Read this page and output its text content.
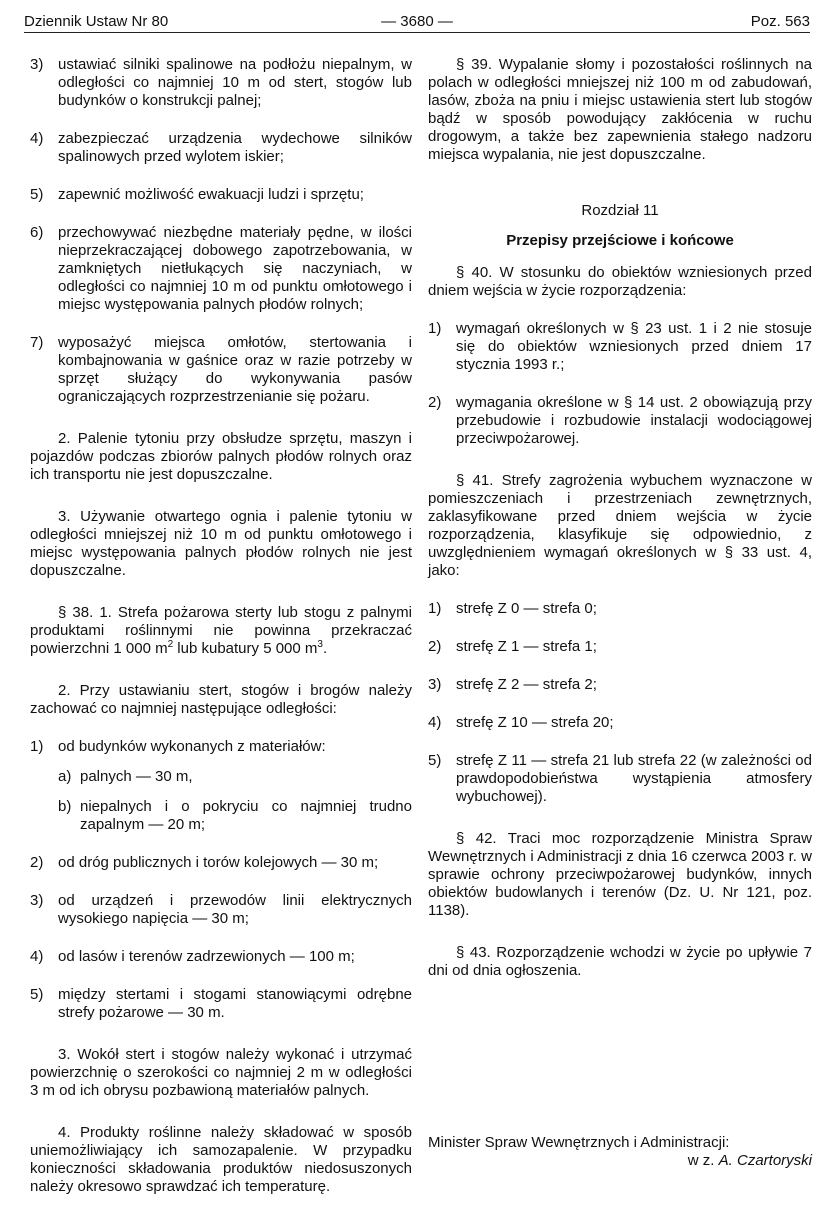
Dziennik Ustaw Nr 80	— 3680 —	Poz. 563
3) ustawiać silniki spalinowe na podłożu niepalnym, w odległości co najmniej 10 m od stert, stogów lub budynków o konstrukcji palnej;
4) zabezpieczać urządzenia wydechowe silników spalinowych przed wylotem iskier;
5) zapewnić możliwość ewakuacji ludzi i sprzętu;
6) przechowywać niezbędne materiały pędne, w ilości nieprzekraczającej dobowego zapotrzebowania, w zamkniętych nietłukących się naczyniach, w odległości co najmniej 10 m od punktu omłotowego i miejsc występowania palnych płodów rolnych;
7) wyposażyć miejsca omłotów, stertowania i kombajnowania w gaśnice oraz w razie potrzeby w sprzęt służący do wykonywania pasów ograniczających rozprzestrzenianie się pożaru.

2. Palenie tytoniu przy obsłudze sprzętu, maszyn i pojazdów podczas zbiorów palnych płodów rolnych oraz ich transportu nie jest dopuszczalne.

3. Używanie otwartego ognia i palenie tytoniu w odległości mniejszej niż 10 m od punktu omłotowego i miejsc występowania palnych płodów rolnych nie jest dopuszczalne.

§ 38. 1. Strefa pożarowa sterty lub stogu z palnymi produktami roślinnymi nie powinna przekraczać powierzchni 1 000 $m^2$ lub kubatury 5 000 $m^3$.

2. Przy ustawianiu stert, stogów i brogów należy zachować co najmniej następujące odległości:

1) od budynków wykonanych z materiałów:
a) palnych — 30 m,
b) niepalnych i o pokryciu co najmniej trudno zapalnym — 20 m;
2) od dróg publicznych i torów kolejowych — 30 m;
3) od urządzeń i przewodów linii elektrycznych wysokiego napięcia — 30 m;
4) od lasów i terenów zadrzewionych — 100 m;
5) między stertami i stogami stanowiącymi odrębne strefy pożarowe — 30 m.

3. Wokół stert i stogów należy wykonać i utrzymać powierzchnię o szerokości co najmniej 2 m w odległości 3 m od ich obrysu pozbawioną materiałów palnych.

4. Produkty roślinne należy składować w sposób uniemożliwiający ich samozapalenie. W przypadku konieczności składowania produktów niedosuszonych należy okresowo sprawdzać ich temperaturę.

§ 39. Wypalanie słomy i pozostałości roślinnych na polach w odległości mniejszej niż 100 m od zabudowań, lasów, zboża na pniu i miejsc ustawienia stert lub stogów bądź w sposób powodujący zakłócenia w ruchu drogowym, a także bez zapewnienia stałego nadzoru miejsca wypalania, nie jest dopuszczalne.

Rozdział 11

Przepisy przejściowe i końcowe

§ 40. W stosunku do obiektów wzniesionych przed dniem wejścia w życie rozporządzenia:

1) wymagań określonych w § 23 ust. 1 i 2 nie stosuje się do obiektów wzniesionych przed dniem 17 stycznia 1993 r.;
2) wymagania określone w § 14 ust. 2 obowiązują przy przebudowie i rozbudowie instalacji wodociągowej przeciwpożarowej.

§ 41. Strefy zagrożenia wybuchem wyznaczone w pomieszczeniach i przestrzeniach zewnętrznych, zaklasyfikowane przed dniem wejścia w życie rozporządzenia, klasyfikuje się odpowiednio, z uwzględnieniem wymagań określonych w § 33 ust. 4, jako:

1) strefę Z 0 — strefa 0;
2) strefę Z 1 — strefa 1;
3) strefę Z 2 — strefa 2;
4) strefę Z 10 — strefa 20;
5) strefę Z 11 — strefa 21 lub strefa 22 (w zależności od prawdopodobieństwa wystąpienia atmosfery wybuchowej).

§ 42. Traci moc rozporządzenie Ministra Spraw Wewnętrznych i Administracji z dnia 16 czerwca 2003 r. w sprawie ochrony przeciwpożarowej budynków, innych obiektów budowlanych i terenów (Dz. U. Nr 121, poz. 1138).

§ 43. Rozporządzenie wchodzi w życie po upływie 7 dni od dnia ogłoszenia.

Minister Spraw Wewnętrznych i Administracji:
w z. A. Czartoryski
